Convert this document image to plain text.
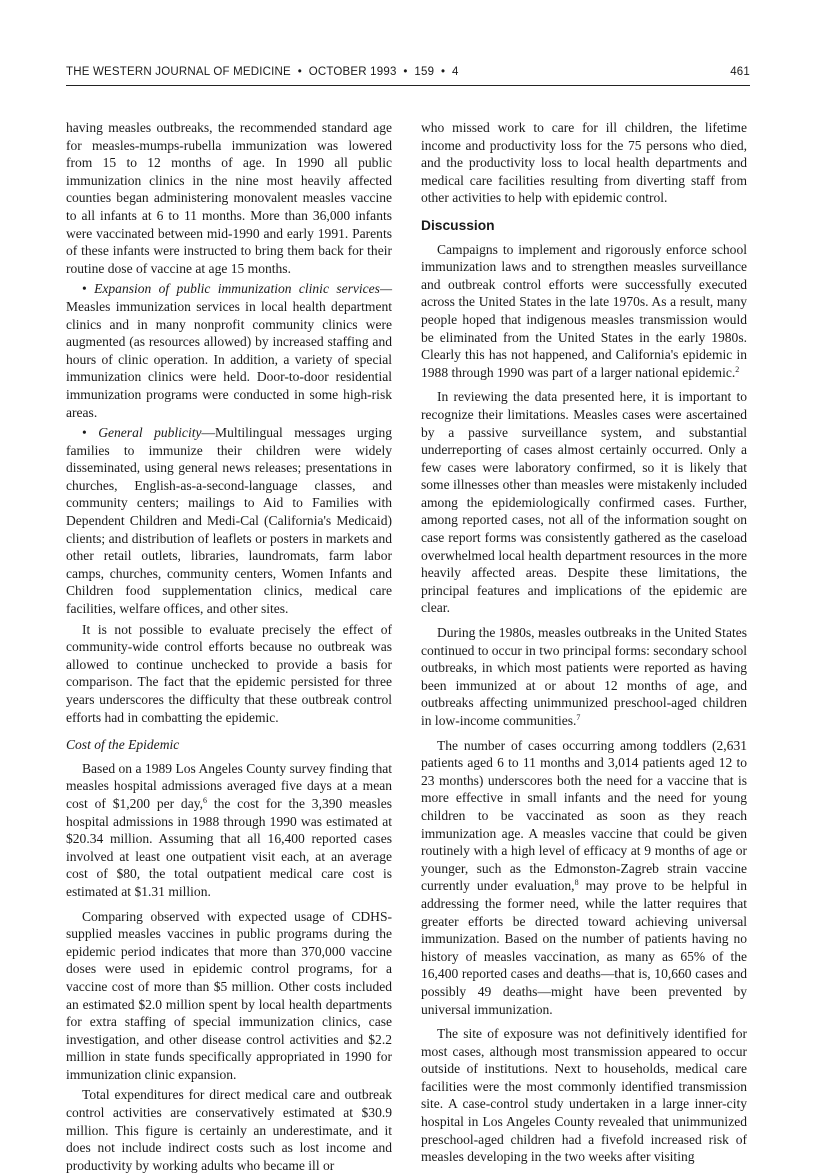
THE WESTERN JOURNAL OF MEDICINE  •  OCTOBER 1993  •  159  •  4	461

having measles outbreaks, the recommended standard age for measles-mumps-rubella immunization was lowered from 15 to 12 months of age. In 1990 all public immunization clinics in the nine most heavily affected counties began administering monovalent measles vaccine to all infants at 6 to 11 months. More than 36,000 infants were vaccinated between mid-1990 and early 1991. Parents of these infants were instructed to bring them back for their routine dose of vaccine at age 15 months.

• Expansion of public immunization clinic services—Measles immunization services in local health department clinics and in many nonprofit community clinics were augmented (as resources allowed) by increased staffing and hours of clinic operation. In addition, a variety of special immunization clinics were held. Door-to-door residential immunization programs were conducted in some high-risk areas.

• General publicity—Multilingual messages urging families to immunize their children were widely disseminated, using general news releases; presentations in churches, English-as-a-second-language classes, and community centers; mailings to Aid to Families with Dependent Children and Medi-Cal (California's Medicaid) clients; and distribution of leaflets or posters in markets and other retail outlets, libraries, laundromats, farm labor camps, churches, community centers, Women Infants and Children food supplementation clinics, medical care facilities, welfare offices, and other sites.

It is not possible to evaluate precisely the effect of community-wide control efforts because no outbreak was allowed to continue unchecked to provide a basis for comparison. The fact that the epidemic persisted for three years underscores the difficulty that these outbreak control efforts had in combatting the epidemic.

Cost of the Epidemic

Based on a 1989 Los Angeles County survey finding that measles hospital admissions averaged five days at a mean cost of $1,200 per day,$^6$ the cost for the 3,390 measles hospital admissions in 1988 through 1990 was estimated at $20.34 million. Assuming that all 16,400 reported cases involved at least one outpatient visit each, at an average cost of $80, the total outpatient medical care cost is estimated at $1.31 million.

Comparing observed with expected usage of CDHS-supplied measles vaccines in public programs during the epidemic period indicates that more than 370,000 vaccine doses were used in epidemic control programs, for a vaccine cost of more than $5 million. Other costs included an estimated $2.0 million spent by local health departments for extra staffing of special immunization clinics, case investigation, and other disease control activities and $2.2 million in state funds specifically appropriated in 1990 for immunization clinic expansion.

Total expenditures for direct medical care and outbreak control activities are conservatively estimated at $30.9 million. This figure is certainly an underestimate, and it does not include indirect costs such as lost income and productivity by working adults who became ill or

who missed work to care for ill children, the lifetime income and productivity loss for the 75 persons who died, and the productivity loss to local health departments and medical care facilities resulting from diverting staff from other activities to help with epidemic control.

Discussion

Campaigns to implement and rigorously enforce school immunization laws and to strengthen measles surveillance and outbreak control efforts were successfully executed across the United States in the late 1970s. As a result, many people hoped that indigenous measles transmission would be eliminated from the United States in the early 1980s. Clearly this has not happened, and California's epidemic in 1988 through 1990 was part of a larger national epidemic.$^2$

In reviewing the data presented here, it is important to recognize their limitations. Measles cases were ascertained by a passive surveillance system, and substantial underreporting of cases almost certainly occurred. Only a few cases were laboratory confirmed, so it is likely that some illnesses other than measles were mistakenly included among the epidemiologically confirmed cases. Further, among reported cases, not all of the information sought on case report forms was consistently gathered as the caseload overwhelmed local health department resources in the more heavily affected areas. Despite these limitations, the principal features and implications of the epidemic are clear.

During the 1980s, measles outbreaks in the United States continued to occur in two principal forms: secondary school outbreaks, in which most patients were reported as having been immunized at or about 12 months of age, and outbreaks affecting unimmunized preschool-aged children in low-income communities.$^7$

The number of cases occurring among toddlers (2,631 patients aged 6 to 11 months and 3,014 patients aged 12 to 23 months) underscores both the need for a vaccine that is more effective in small infants and the need for young children to be vaccinated as soon as they reach immunization age. A measles vaccine that could be given routinely with a high level of efficacy at 9 months of age or younger, such as the Edmonston-Zagreb strain vaccine currently under evaluation,$^8$ may prove to be helpful in addressing the former need, while the latter requires that greater efforts be directed toward achieving universal immunization. Based on the number of patients having no history of measles vaccination, as many as 65% of the 16,400 reported cases and deaths—that is, 10,660 cases and possibly 49 deaths—might have been prevented by universal immunization.

The site of exposure was not definitively identified for most cases, although most transmission appeared to occur outside of institutions. Next to households, medical care facilities were the most commonly identified transmission site. A case-control study undertaken in a large inner-city hospital in Los Angeles County revealed that unimmunized preschool-aged children had a fivefold increased risk of measles developing in the two weeks after visiting
